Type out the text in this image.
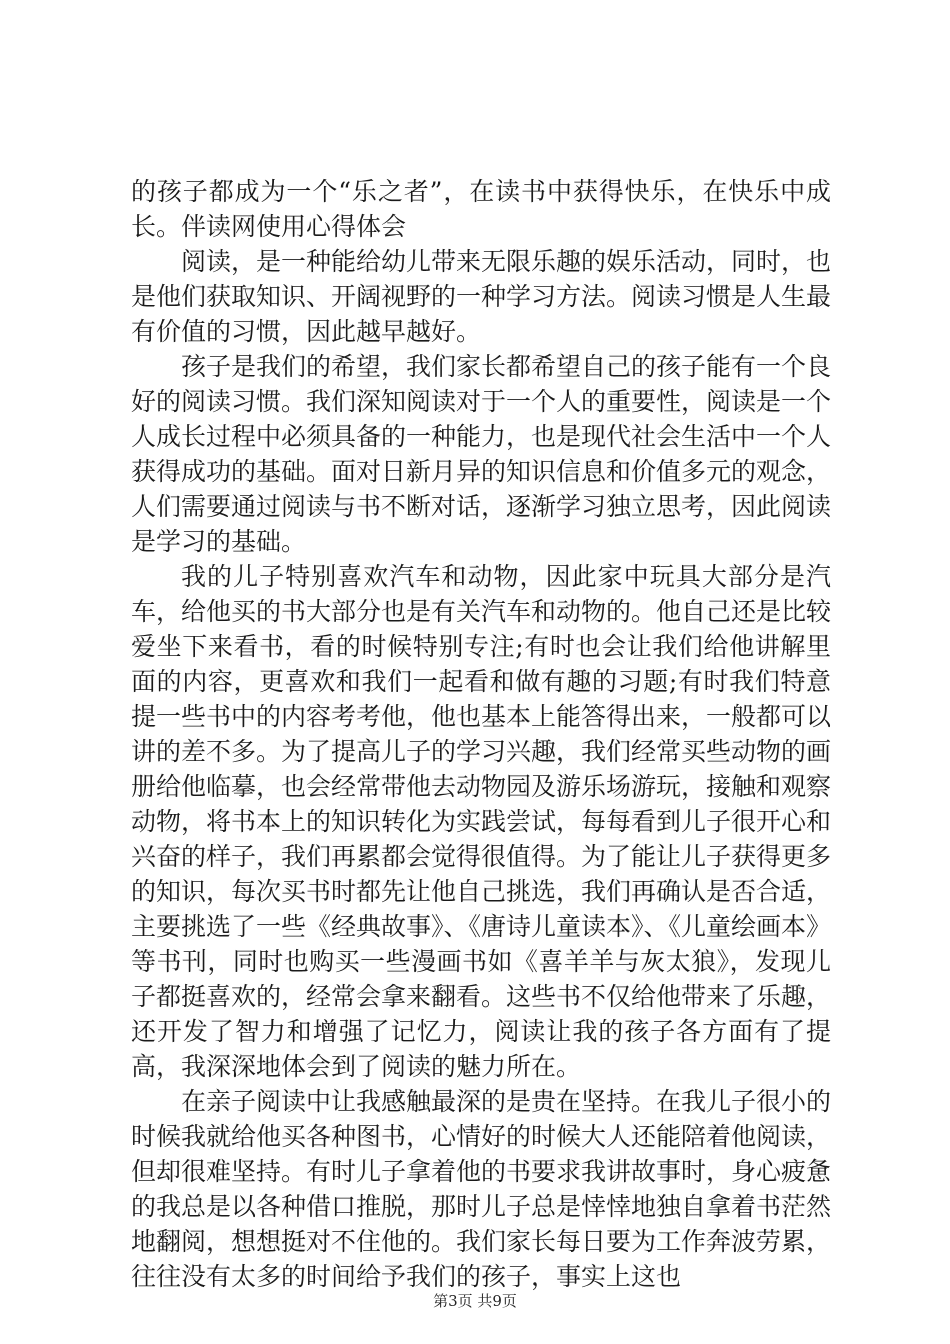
的孩子都成为一个“乐之者”，在读书中获得快乐，在快乐中成长。伴读网使用心得体会

阅读，是一种能给幼儿带来无限乐趣的娱乐活动，同时，也是他们获取知识、开阔视野的一种学习方法。阅读习惯是人生最有价值的习惯，因此越早越好。

孩子是我们的希望，我们家长都希望自己的孩子能有一个良好的阅读习惯。我们深知阅读对于一个人的重要性，阅读是一个人成长过程中必须具备的一种能力，也是现代社会生活中一个人获得成功的基础。面对日新月异的知识信息和价值多元的观念，人们需要通过阅读与书不断对话，逐渐学习独立思考，因此阅读是学习的基础。

我的儿子特别喜欢汽车和动物，因此家中玩具大部分是汽车，给他买的书大部分也是有关汽车和动物的。他自己还是比较爱坐下来看书，看的时候特别专注;有时也会让我们给他讲解里面的内容，更喜欢和我们一起看和做有趣的习题;有时我们特意提一些书中的内容考考他，他也基本上能答得出来，一般都可以讲的差不多。为了提高儿子的学习兴趣，我们经常买些动物的画册给他临摹，也会经常带他去动物园及游乐场游玩，接触和观察动物，将书本上的知识转化为实践尝试，每每看到儿子很开心和兴奋的样子，我们再累都会觉得很值得。为了能让儿子获得更多的知识，每次买书时都先让他自己挑选，我们再确认是否合适，主要挑选了一些《经典故事》、《唐诗儿童读本》、《儿童绘画本》等书刊，同时也购买一些漫画书如《喜羊羊与灰太狼》，发现儿子都挺喜欢的，经常会拿来翻看。这些书不仅给他带来了乐趣，还开发了智力和增强了记忆力，阅读让我的孩子各方面有了提高，我深深地体会到了阅读的魅力所在。

在亲子阅读中让我感触最深的是贵在坚持。在我儿子很小的时候我就给他买各种图书，心情好的时候大人还能陪着他阅读，但却很难坚持。有时儿子拿着他的书要求我讲故事时，身心疲惫的我总是以各种借口推脱，那时儿子总是悻悻地独自拿着书茫然地翻阅，想想挺对不住他的。我们家长每日要为工作奔波劳累，往往没有太多的时间给予我们的孩子，事实上这也

第3页 共9页
